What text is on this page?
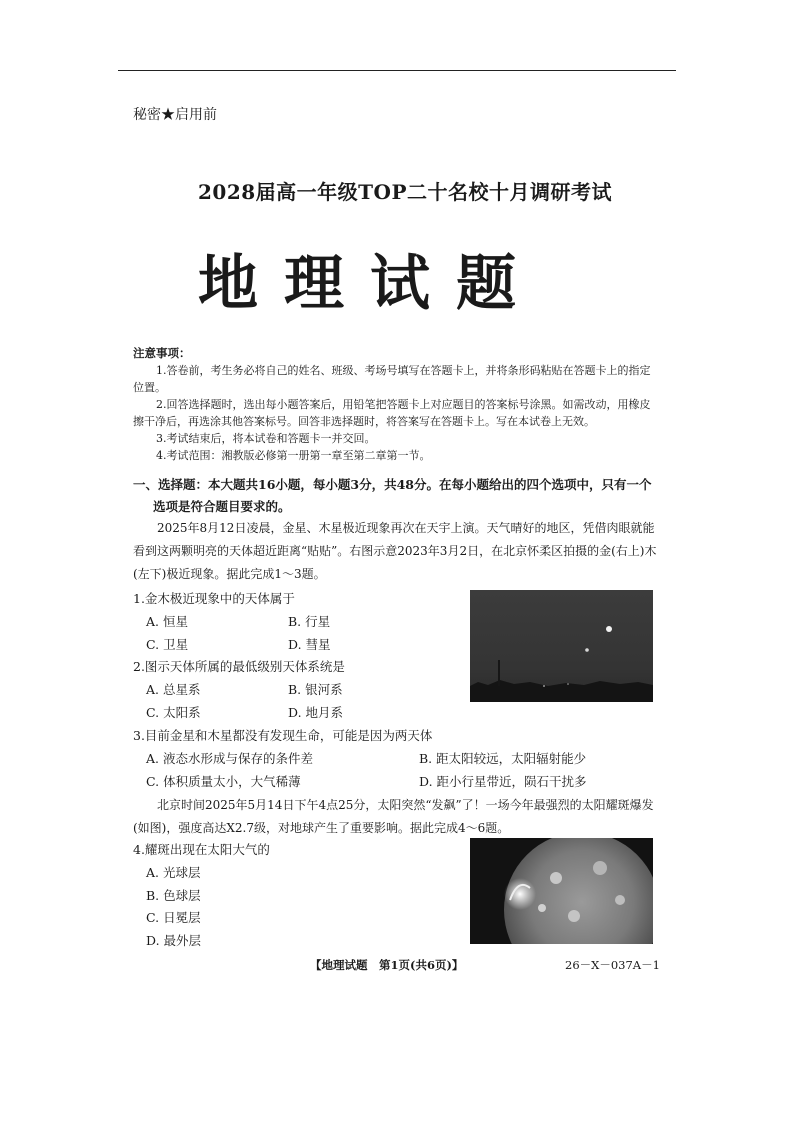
秘密★启用前
2028届高一年级TOP二十名校十月调研考试
地理试题
注意事项：

1.答卷前，考生务必将自己的姓名、班级、考场号填写在答题卡上，并将条形码粘贴在答题卡上的指定位置。

2.回答选择题时，选出每小题答案后，用铅笔把答题卡上对应题目的答案标号涂黑。如需改动，用橡皮擦干净后，再选涂其他答案标号。回答非选择题时，将答案写在答题卡上。写在本试卷上无效。

3.考试结束后，将本试卷和答题卡一并交回。

4.考试范围：湘教版必修第一册第一章至第二章第一节。

一、选择题：本大题共16小题，每小题3分，共48分。在每小题给出的四个选项中，只有一个
选项是符合题目要求的。

2025年8月12日凌晨，金星、木星极近现象再次在天宇上演。天气晴好的地区，凭借肉眼就能看到这两颗明亮的天体超近距离“贴贴”。右图示意2023年3月2日，在北京怀柔区拍摄的金(右上)木(左下)极近现象。据此完成1～3题。

1.金木极近现象中的天体属于
A. 恒星	B. 行星
C. 卫星	D. 彗星
2.图示天体所属的最低级别天体系统是
A. 总星系	B. 银河系
C. 太阳系	D. 地月系
3.目前金星和木星都没有发现生命，可能是因为两天体
A. 液态水形成与保存的条件差	B. 距太阳较远，太阳辐射能少
C. 体积质量太小，大气稀薄	D. 距小行星带近，陨石干扰多

北京时间2025年5月14日下午4点25分，太阳突然“发飙”了！一场今年最强烈的太阳耀斑爆发(如图)，强度高达X2.7级，对地球产生了重要影响。据此完成4～6题。

4.耀斑出现在太阳大气的
A. 光球层
B. 色球层
C. 日冕层
D. 最外层
【地理试题　第1页(共6页)】	26－X－037A－1
